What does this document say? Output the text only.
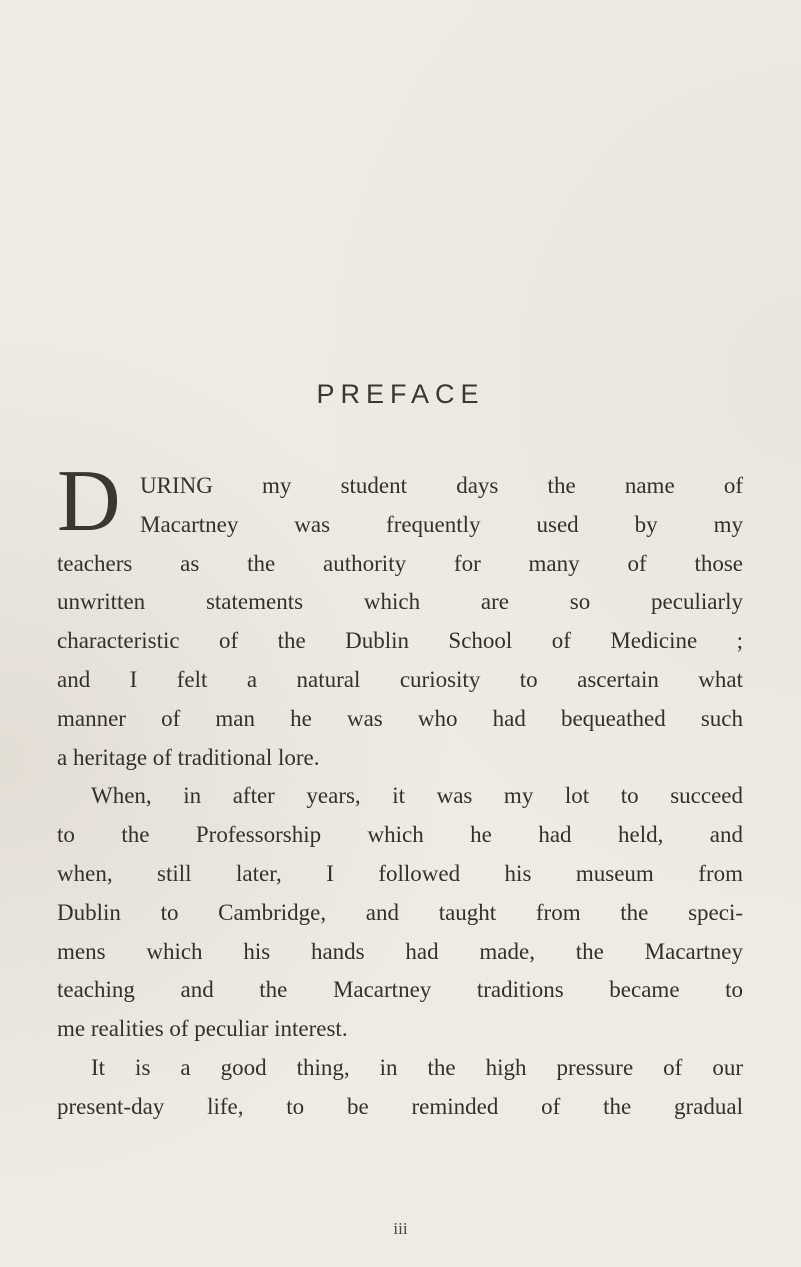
PREFACE
D URING my student days the name of
Macartney was frequently used by my
teachers as the authority for many of those
unwritten statements which are so peculiarly
characteristic of the Dublin School of Medicine ;
and I felt a natural curiosity to ascertain what
manner of man he was who had bequeathed such
a heritage of traditional lore.
When, in after years, it was my lot to succeed
to the Professorship which he had held, and
when, still later, I followed his museum from
Dublin to Cambridge, and taught from the speci-
mens which his hands had made, the Macartney
teaching and the Macartney traditions became to
me realities of peculiar interest.
It is a good thing, in the high pressure of our
present-day life, to be reminded of the gradual
iii
